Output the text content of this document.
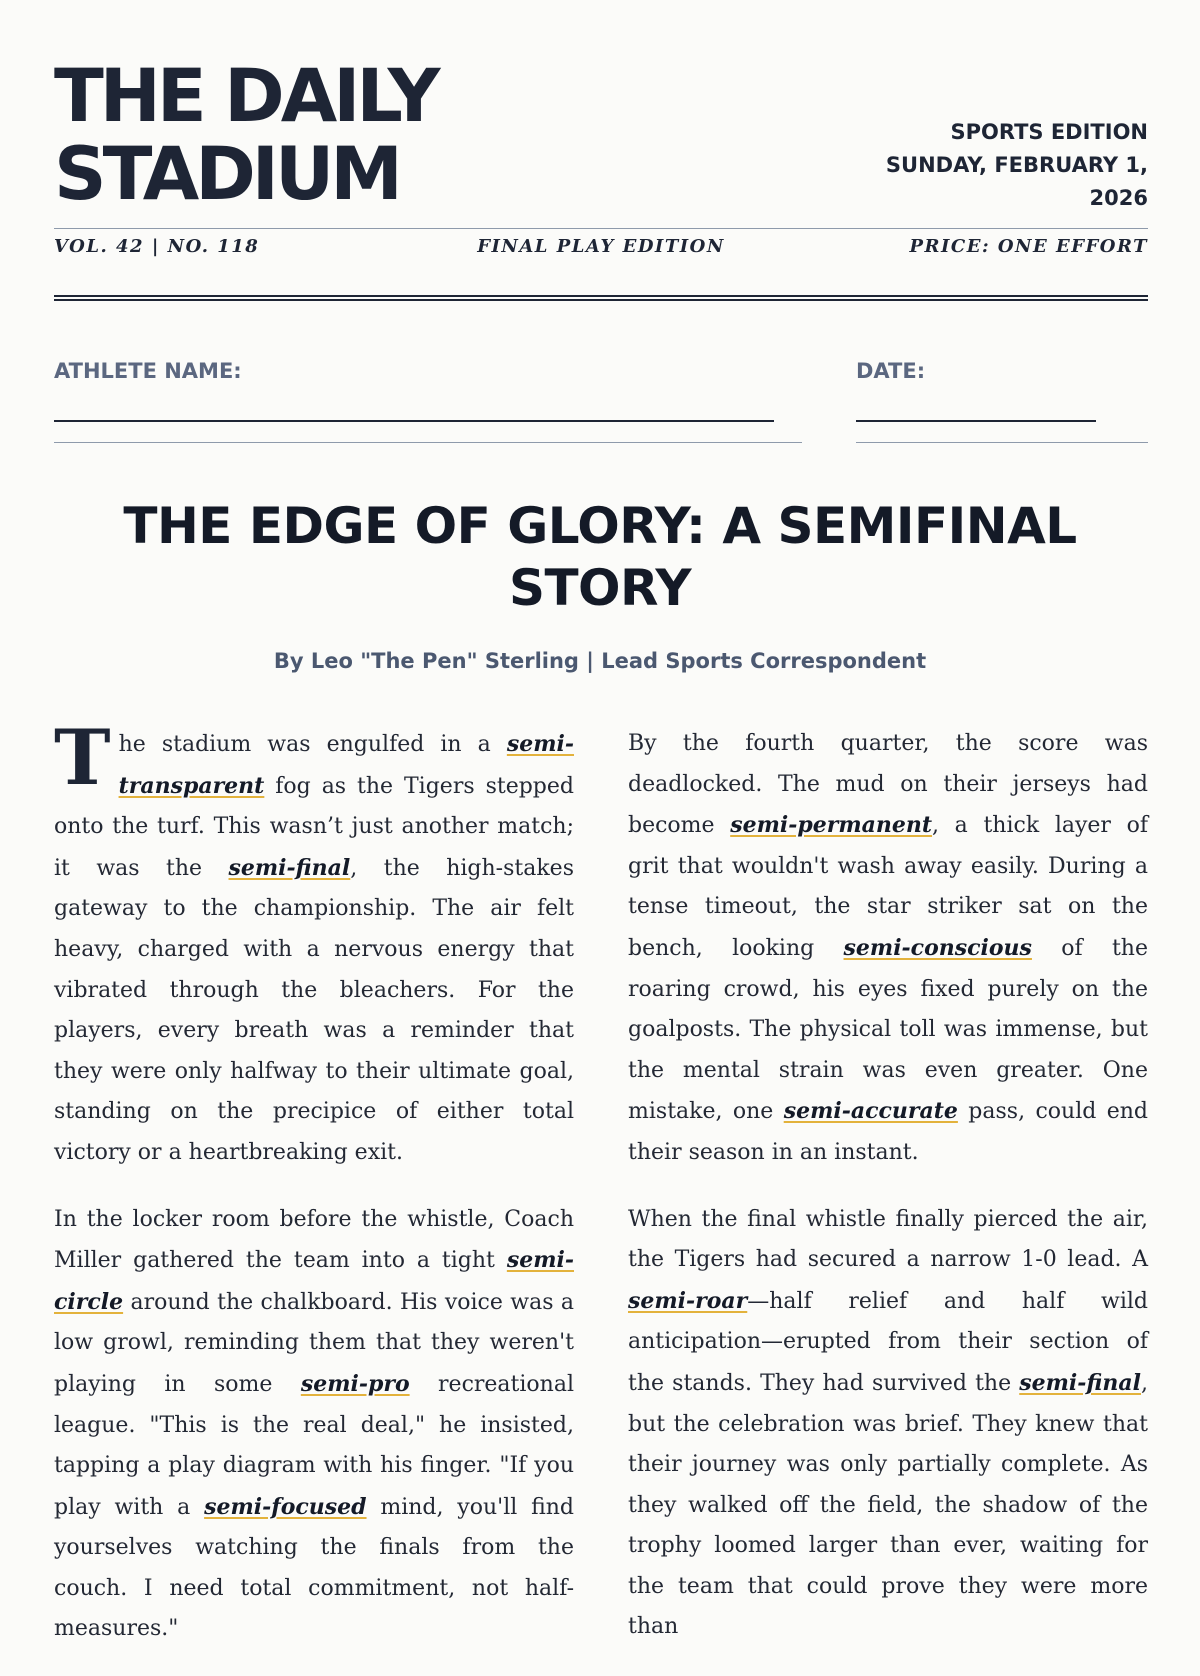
THE DAILY
STADIUM	SPORTS EDITION
SUNDAY, FEBRUARY 1,
2026
VOL. 42 | NO. 118	FINAL PLAY EDITION	PRICE: ONE EFFORT
ATHLETE NAME:	DATE:
THE EDGE OF GLORY: A SEMIFINAL
STORY
By Leo "The Pen" Sterling | Lead Sports Correspondent

The stadium was engulfed in a semi-transparent fog as the Tigers stepped onto the turf. This wasn’t just another match; it was the semi-final, the high-stakes gateway to the championship. The air felt heavy, charged with a nervous energy that vibrated through the bleachers. For the players, every breath was a reminder that they were only halfway to their ultimate goal, standing on the precipice of either total victory or a heartbreaking exit.

In the locker room before the whistle, Coach Miller gathered the team into a tight semi-circle around the chalkboard. His voice was a low growl, reminding them that they weren't playing in some semi-pro recreational league. "This is the real deal," he insisted, tapping a play diagram with his finger. "If you play with a semi-focused mind, you'll find yourselves watching the finals from the couch. I need total commitment, not half-measures."

By the fourth quarter, the score was deadlocked. The mud on their jerseys had become semi-permanent, a thick layer of grit that wouldn't wash away easily. During a tense timeout, the star striker sat on the bench, looking semi-conscious of the roaring crowd, his eyes fixed purely on the goalposts. The physical toll was immense, but the mental strain was even greater. One mistake, one semi-accurate pass, could end their season in an instant.

When the final whistle finally pierced the air, the Tigers had secured a narrow 1-0 lead. A semi-roar—half relief and half wild anticipation—erupted from their section of the stands. They had survived the semi-final, but the celebration was brief. They knew that their journey was only partially complete. As they walked off the field, the shadow of the trophy loomed larger than ever, waiting for the team that could prove they were more than
